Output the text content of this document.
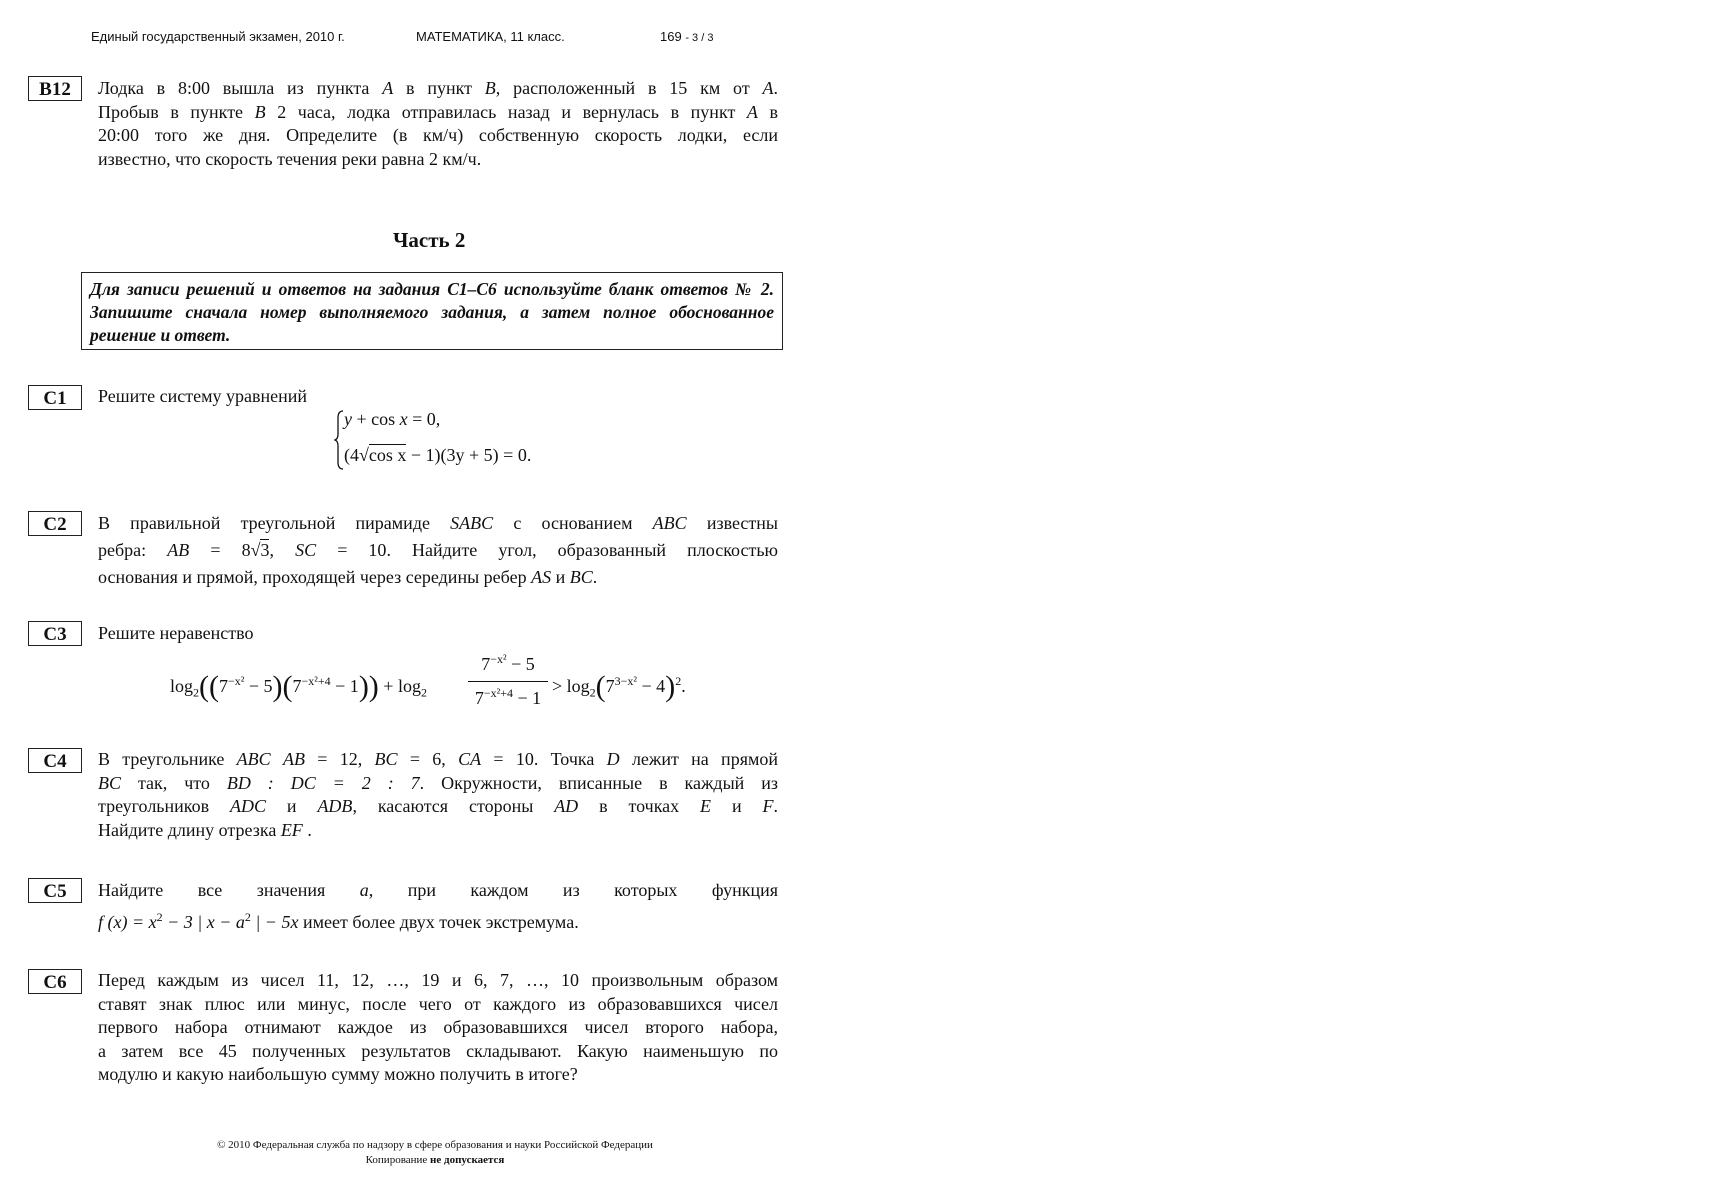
Единый государственный экзамен, 2010 г.	МАТЕМАТИКА, 11 класс.	169 - 3 / 3
B12	Лодка в 8:00 вышла из пункта A в пункт B, расположенный в 15 км от A.

Пробыв в пункте B 2 часа, лодка отправилась назад и вернулась в пункт A в

20:00 того же дня. Определите (в км/ч) собственную скорость лодки, если

известно, что скорость течения реки равна 2 км/ч.

Часть 2
Для записи решений и ответов на задания C1–C6 используйте бланк ответов № 2. Запишите сначала номер выполняемого задания, а затем полное обоснованное решение и ответ.
C1	Решите систему уравнений
y + cos x = 0,
(4√cos x − 1)(3y + 5) = 0.
C2	В правильной треугольной пирамиде SABC с основанием ABC известны

ребра: AB = 8√3, SC = 10. Найдите угол, образованный плоскостью

основания и прямой, проходящей через середины ребер AS и BC.

C3	Решите неравенство
$\log_2((7^{-x^2} - 5)(7^{-x^2+4} - 1)) + \log_2$
$7^{-x^2} - 5$
$7^{-x^2+4} - 1$
> $\log_2(7^{3-x^2} - 4)^2$.
C4	В треугольнике ABC AB = 12, BC = 6, CA = 10. Точка D лежит на прямой

BC так, что BD : DC = 2 : 7. Окружности, вписанные в каждый из

треугольников ADC и ADB, касаются стороны AD в точках E и F.

Найдите длину отрезка EF .

C5	Найдите все значения a, при каждом из которых функция

f $(x) = x^2 - 3$ | $x - a^2$ | − 5x имеет более двух точек экстремума.

C6	Перед каждым из чисел 11, 12, …, 19 и 6, 7, …, 10 произвольным образом

ставят знак плюс или минус, после чего от каждого из образовавшихся чисел

первого набора отнимают каждое из образовавшихся чисел второго набора,

а затем все 45 полученных результатов складывают. Какую наименьшую по

модулю и какую наибольшую сумму можно получить в итоге?

© 2010 Федеральная служба по надзору в сфере образования и науки Российской Федерации
Копирование не допускается
